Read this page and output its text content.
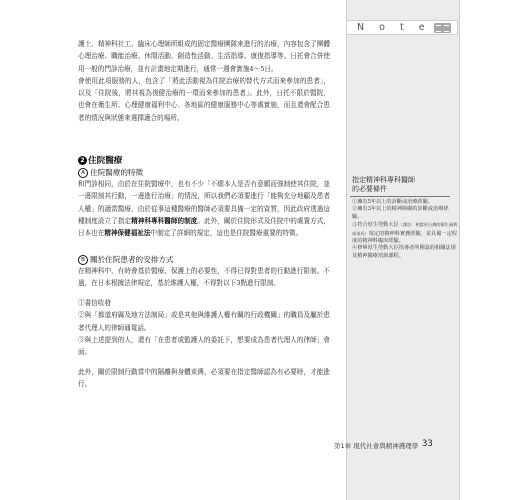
護士、精神科社工、臨床心理師所組成的固定醫療團隊來進行的治療，內容包含了團體心理治療、職能治療、休閒活動、創造性活動、生活指導、康復指導等。日托會合併使用一般的門診治療，並有計畫地定期進行，通常一週會實施4～5日。

會使用此項服務的人，包含了「將此活動視為住院治療的替代方式而來參加的患者」，以及「住院後，將其視為復健治療的一環而來參加的患者」。此外，日托不限於醫院，也會在衛生所、心理健康福利中心、各地區的健康服務中心等處實施，而且還會配合患者的情況與狀態來選擇適合的場所。

2 住院醫療

A 住院醫療的特徵

和門診相同，由於在住院醫療中，也有不少「不願本人是否有意願而強制使其住院，並一邊限制其行動，一邊進行治療」的情況，所以我們必須要進行「能夠充分地顧及患者人權」的適當醫療，由於從事這種醫療的醫師必須要具備一定的資質，因此政府透過這種制度設立了指定精神科專科醫師的制度。此外，關於住院形式及住院中的處置方式，日本也在精神保健福祉法中制定了詳細的規定，這也是住院醫療重要的特徵。

B 關於住院患者的安排方式

在精神科中，有時會基於醫療、保護上的必要性，不得已得對患者的行動進行限制。不過，在日本根據法律規定，基於維護人權，不得對以下3點進行限制。

①書信收發

②與「都道府縣及地方法制局」或是其他與維護人權有關的行政機關」的職員及屬於患者代理人的律師通電話。

③與上述提到的人，還有「在患者或監護人的委託下，想要成為患者代理人的律師」會面。

此外，關於限制行動當中的隔離與身體束縛，必須要在指定醫師認為有必要時，才能進行。

N o t e

指定精神科專科醫師

的必要條件

①擁有5年以上的診斷或治療經驗。
②擁有3年以上的精神障礙的診斷或治療經驗。
③符合厚生勞動大臣（譯註：相當於台灣的衛生福利部部長）規定的精神科實務經驗，並具備一定程度的精神科臨床經驗。
④修畢厚生勞動大臣指導者所開設的相關法規及精神醫療培訓課程。
第1章 現代社會與精神護理學 33
